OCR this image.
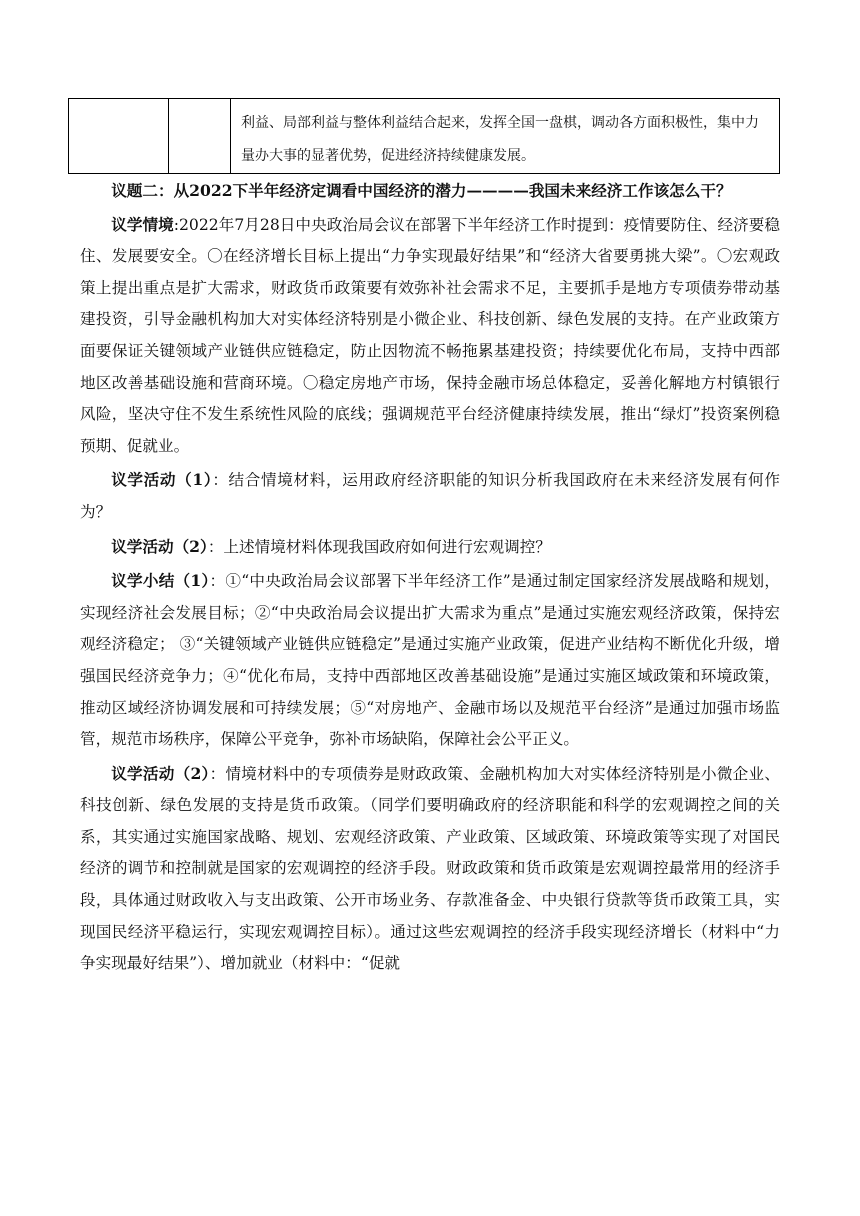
利益、局部利益与整体利益结合起来，发挥全国一盘棋，调动各方面积极性，集中力量办大事的显著优势，促进经济持续健康发展。

议题二：从2022下半年经济定调看中国经济的潜力————我国未来经济工作该怎么干？

议学情境:2022年7月28日中央政治局会议在部署下半年经济工作时提到：疫情要防住、经济要稳住、发展要安全。〇在经济增长目标上提出“力争实现最好结果”和“经济大省要勇挑大梁”。〇宏观政策上提出重点是扩大需求，财政货币政策要有效弥补社会需求不足，主要抓手是地方专项债券带动基建投资，引导金融机构加大对实体经济特别是小微企业、科技创新、绿色发展的支持。在产业政策方面要保证关键领域产业链供应链稳定，防止因物流不畅拖累基建投资；持续要优化布局，支持中西部地区改善基础设施和营商环境。〇稳定房地产市场，保持金融市场总体稳定，妥善化解地方村镇银行风险，坚决守住不发生系统性风险的底线；强调规范平台经济健康持续发展，推出“绿灯”投资案例稳预期、促就业。

议学活动（1）：结合情境材料，运用政府经济职能的知识分析我国政府在未来经济发展有何作为？

议学活动（2）：上述情境材料体现我国政府如何进行宏观调控？

议学小结（1）：①“中央政治局会议部署下半年经济工作”是通过制定国家经济发展战略和规划，实现经济社会发展目标；②“中央政治局会议提出扩大需求为重点”是通过实施宏观经济政策，保持宏观经济稳定； ③“关键领域产业链供应链稳定”是通过实施产业政策，促进产业结构不断优化升级，增强国民经济竞争力；④“优化布局，支持中西部地区改善基础设施”是通过实施区域政策和环境政策，推动区域经济协调发展和可持续发展；⑤“对房地产、金融市场以及规范平台经济”是通过加强市场监管，规范市场秩序，保障公平竞争，弥补市场缺陷，保障社会公平正义。

议学活动（2）：情境材料中的专项债券是财政政策、金融机构加大对实体经济特别是小微企业、科技创新、绿色发展的支持是货币政策。（同学们要明确政府的经济职能和科学的宏观调控之间的关系，其实通过实施国家战略、规划、宏观经济政策、产业政策、区域政策、环境政策等实现了对国民经济的调节和控制就是国家的宏观调控的经济手段。财政政策和货币政策是宏观调控最常用的经济手段，具体通过财政收入与支出政策、公开市场业务、存款准备金、中央银行贷款等货币政策工具，实现国民经济平稳运行，实现宏观调控目标）。通过这些宏观调控的经济手段实现经济增长（材料中“力争实现最好结果”）、增加就业（材料中：“促就
